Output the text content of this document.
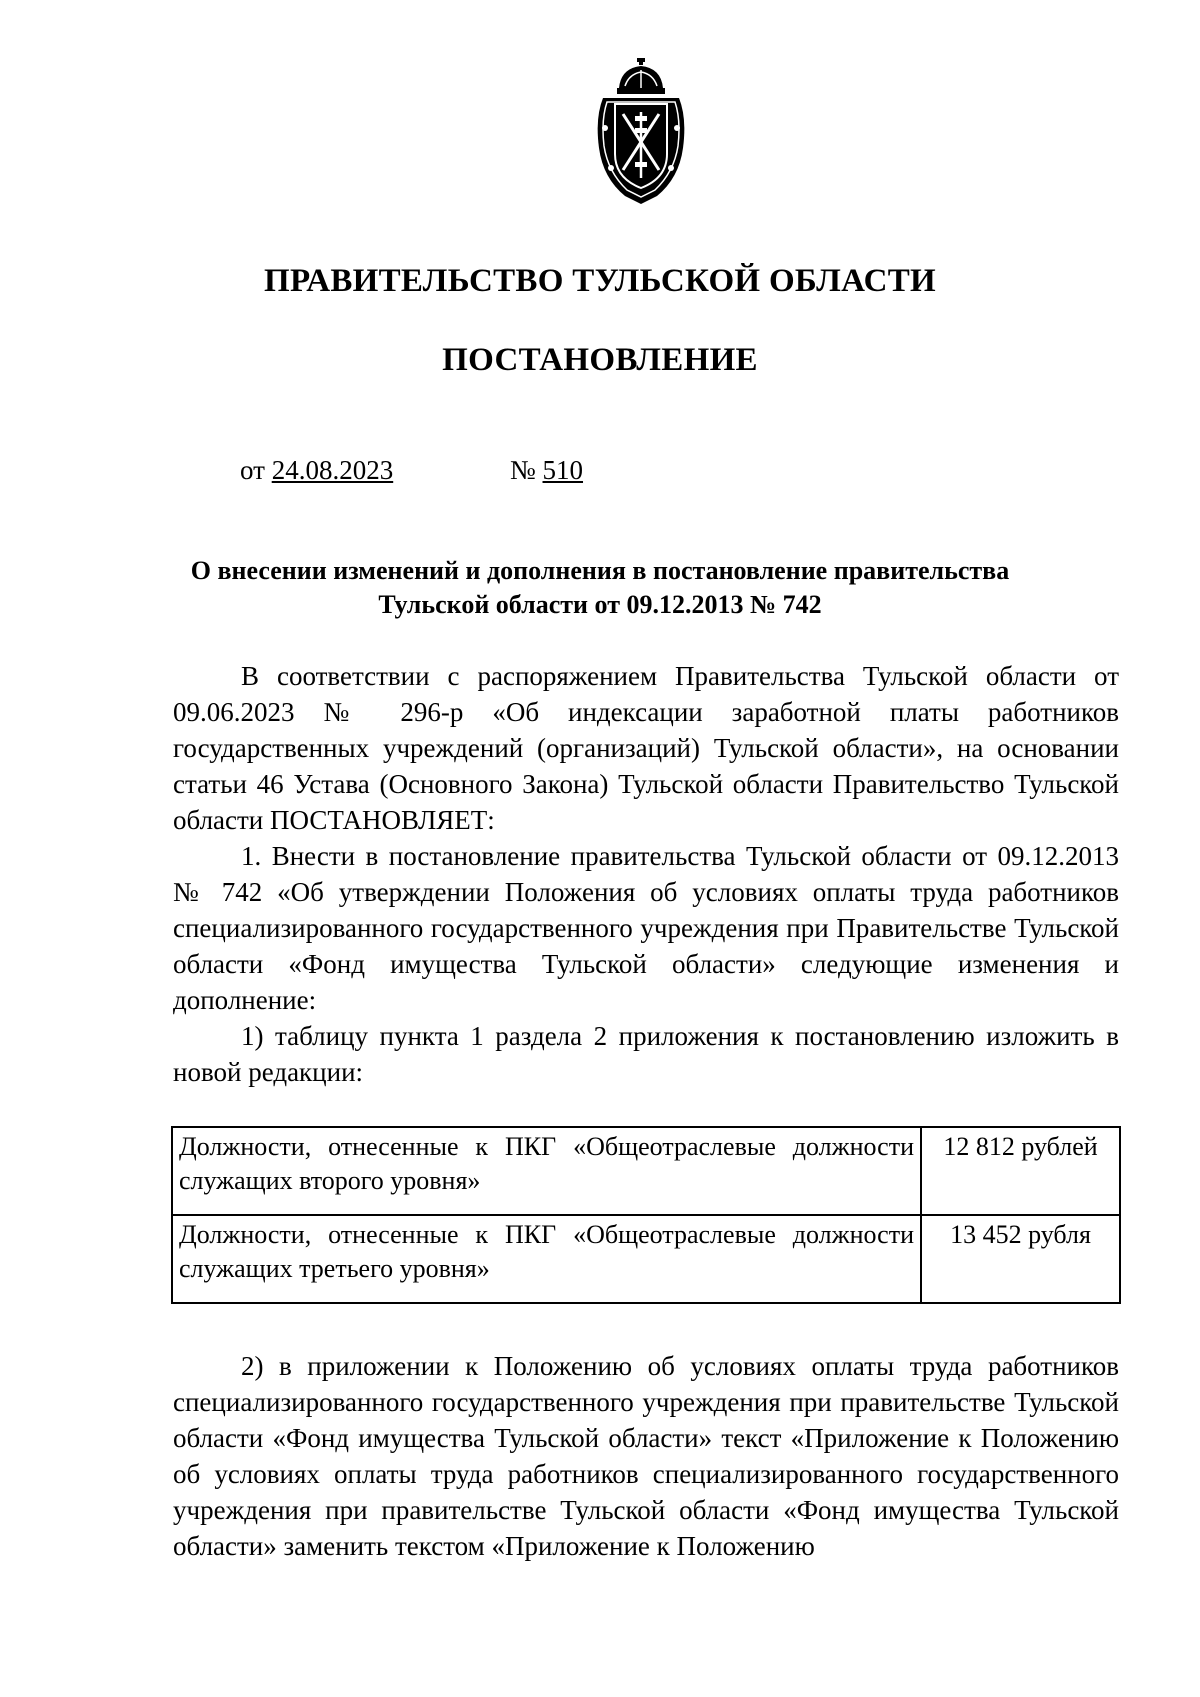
ПРАВИТЕЛЬСТВО ТУЛЬСКОЙ ОБЛАСТИ
ПОСТАНОВЛЕНИЕ
от 24.08.2023	№ 510
О внесении изменений и дополнения в постановление правительства
Тульской области от 09.12.2013 № 742

В соответствии с распоряжением Правительства Тульской области от 09.06.2023 № 296-р «Об индексации заработной платы работников государственных учреждений (организаций) Тульской области», на основании статьи 46 Устава (Основного Закона) Тульской области Правительство Тульской области ПОСТАНОВЛЯЕТ:

1. Внести в постановление правительства Тульской области от 09.12.2013 № 742 «Об утверждении Положения об условиях оплаты труда работников специализированного государственного учреждения при Правительстве Тульской области «Фонд имущества Тульской области» следующие изменения и дополнение:

1) таблицу пункта 1 раздела 2 приложения к постановлению изложить в новой редакции:

Должности, отнесенные к ПКГ «Общеотраслевые должности служащих второго уровня»	12 812 рублей
Должности, отнесенные к ПКГ «Общеотраслевые должности служащих третьего уровня»	13 452 рубля

2) в приложении к Положению об условиях оплаты труда работников специализированного государственного учреждения при правительстве Тульской области «Фонд имущества Тульской области» текст «Приложение к Положению об условиях оплаты труда работников специализированного государственного учреждения при правительстве Тульской области «Фонд имущества Тульской области» заменить текстом «Приложение к Положению
